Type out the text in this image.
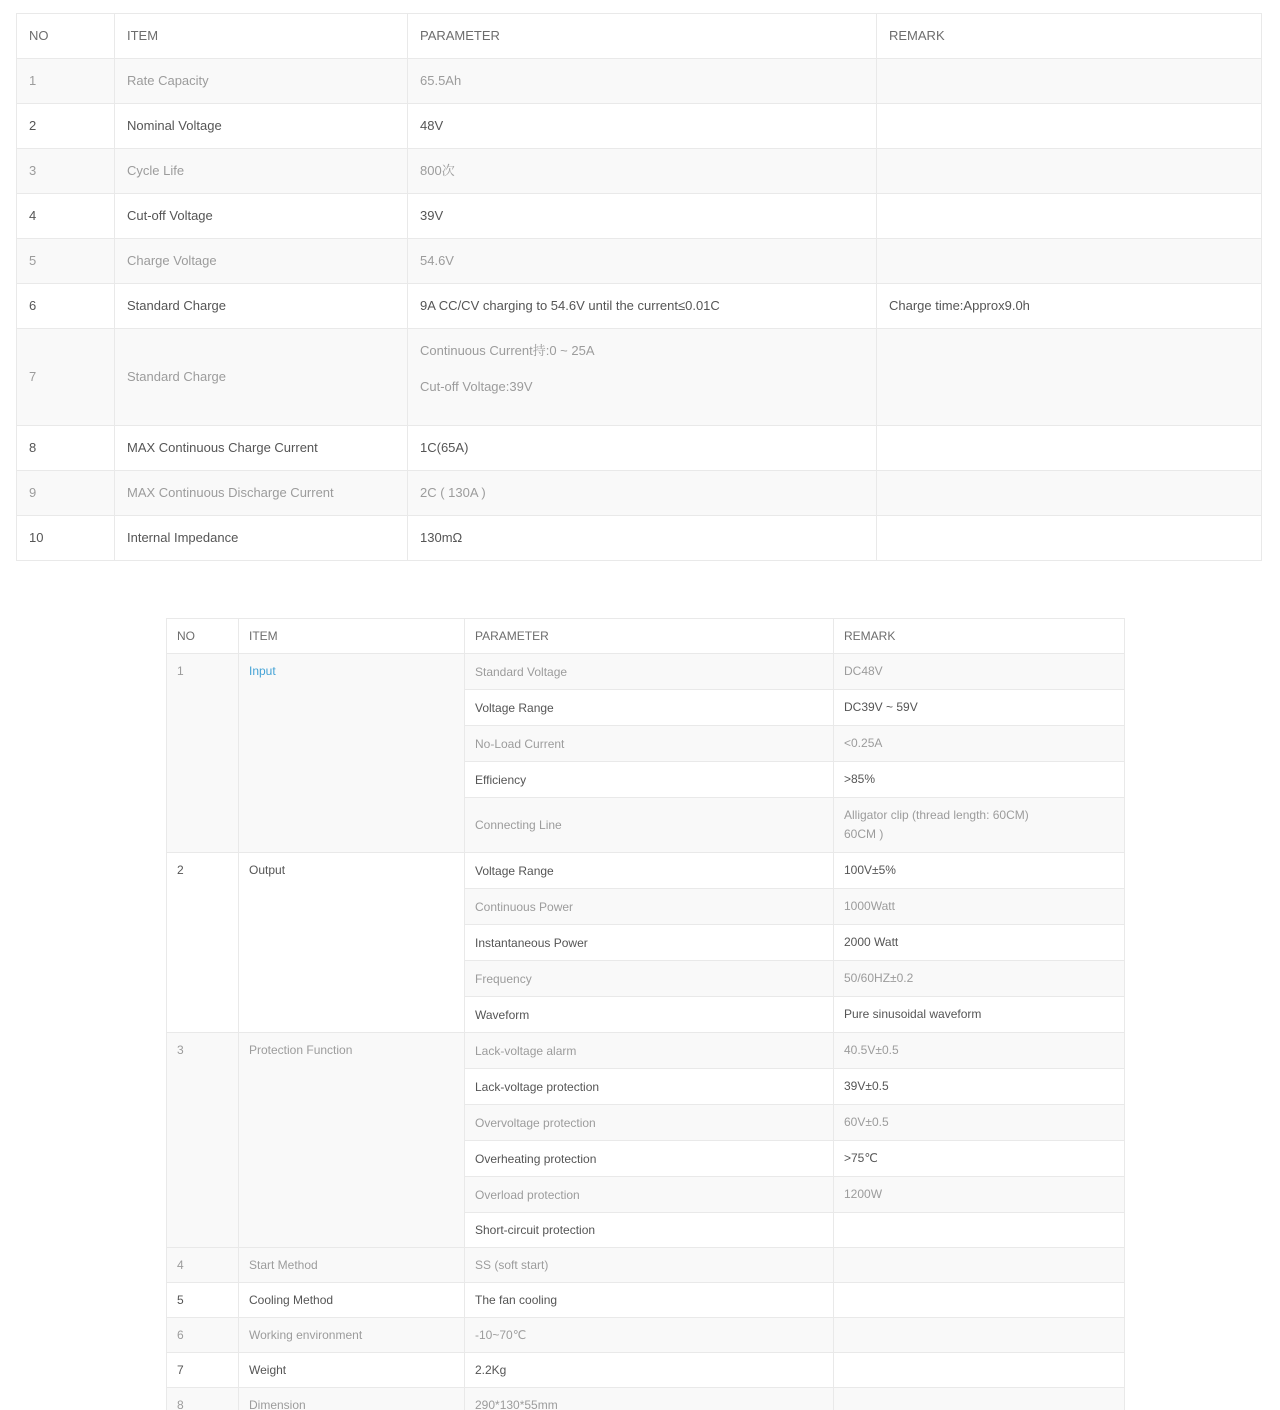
NO	ITEM	PARAMETER	REMARK
1	Rate Capacity	65.5Ah	

2	Nominal Voltage	48V	

3	Cycle Life	800次	

4	Cut-off Voltage	39V	

5	Charge Voltage	54.6V	

6	Standard Charge	9A CC/CV charging to 54.6V until the current≤0.01C	Charge time:Approx9.0h
7	Standard Charge	Continuous Current持:0 ~ 25A
Cut-off Voltage:39V	

8	MAX Continuous Charge Current	1C(65A)	

9	MAX Continuous Discharge Current	2C ( 130A )	

10	Internal Impedance	130mΩ	

NO	ITEM	PARAMETER	REMARK
1	Input	Standard Voltage	DC48V

		Voltage Range	DC39V ~ 59V

		No-Load Current	<0.25A

		Efficiency	>85%

		Connecting Line	Alligator clip (thread length: 60CM)
60CM )

2	Output	Voltage Range	100V±5%

		Continuous Power	1000Watt

		Instantaneous Power	2000 Watt

		Frequency	50/60HZ±0.2

		Waveform	Pure sinusoidal waveform

3	Protection Function	Lack-voltage alarm	40.5V±0.5

		Lack-voltage protection	39V±0.5

		Overvoltage protection	60V±0.5

		Overheating protection	>75℃

		Overload protection	1200W

		Short-circuit protection	
4	Start Method	SS (soft start)	
5	Cooling Method	The fan cooling	
6	Working environment	-10~70℃	
7	Weight	2.2Kg	
8	Dimension	290*130*55mm	
